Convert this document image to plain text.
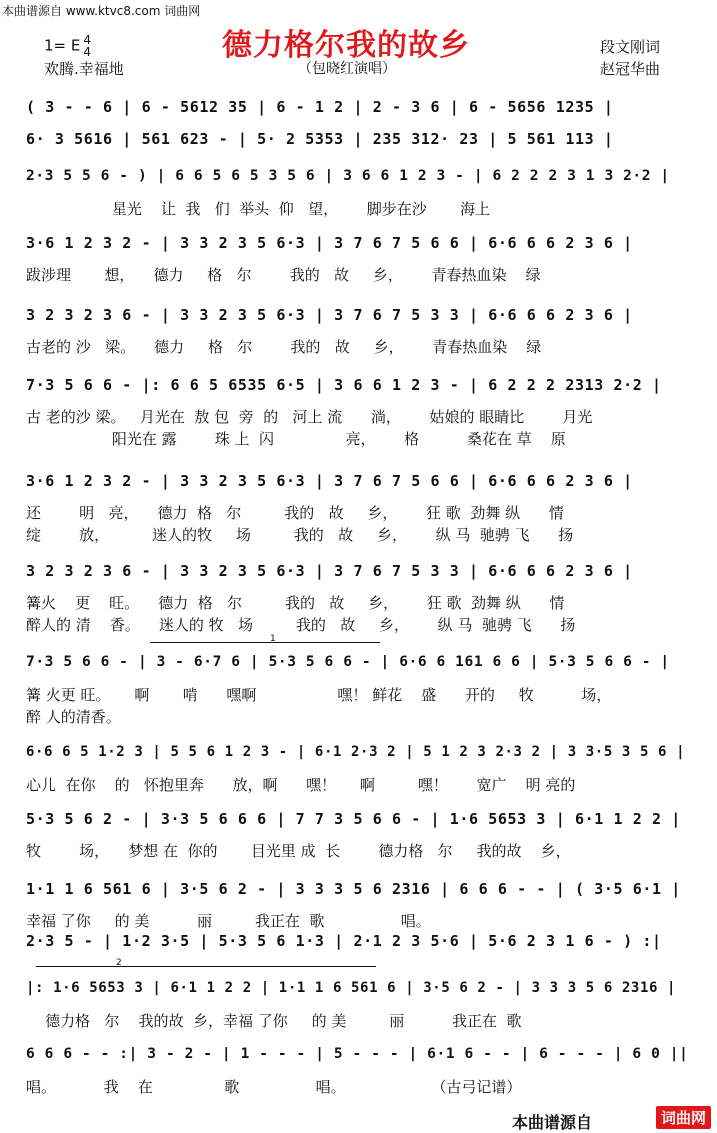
本曲谱源自 www.ktvc8.com 词曲网
德力格尔我的故乡
1= E 4
4
欢腾.幸福地	（包晓红演唱）
段文刚词
赵冠华曲
( 3 - - 6 | 6 - 5612 35 | 6 - 1 2 | 2 - 3 6 | 6 - 5656 1235 |
6· 3 5616 | 561 623 - | 5· 2 5353 | 235 312· 23 | 5 561 113 |
2·3 5 5 6 - ) | 6 6 5 6 5 3 5 6 | 3 6 6 1 2 3 - | 6 2 2 2 3 1 3 2·2 |
星光    让  我   们  举头  仰   望，      脚步在沙       海上
3·6 1 2 3 2 - | 3 3 2 3 5 6·3 | 3 7 6 7 5 6 6 | 6·6 6 6 2 3 6 |
跋涉理       想，    德力     格   尔        我的   故     乡，      青春热血染    绿
3 2 3 2 3 6 - | 3 3 2 3 5 6·3 | 3 7 6 7 5 3 3 | 6·6 6 6 2 3 6 |
古老的 沙   梁。    德力     格   尔        我的   故     乡，      青春热血染    绿
7·3 5 6 6 - |: 6 6 5 6535 6·5 | 3 6 6 1 2 3 - | 6 2 2 2 2313 2·2 |
古 老的沙 梁。   月光在  敖 包  旁  的   河上 流      淌，      姑娘的 眼睛比        月光
阳光在 露        珠 上  闪               亮，      格          桑花在 草    原
3·6 1 2 3 2 - | 3 3 2 3 5 6·3 | 3 7 6 7 5 6 6 | 6·6 6 6 2 3 6 |
还        明   亮，    德力  格   尔         我的   故     乡，      狂 歌  劲舞 纵      情
绽        放，         迷人的牧     场         我的   故     乡，      纵 马  驰骋 飞      扬
3 2 3 2 3 6 - | 3 3 2 3 5 6·3 | 3 7 6 7 5 3 3 | 6·6 6 6 2 3 6 |
篝火    更    旺。    德力  格   尔         我的   故     乡，      狂 歌  劲舞 纵      情
醉人的 清    香。    迷人的 牧   场         我的   故     乡，      纵 马  驰骋 飞      扬
7·3 5 6 6 - | 3 - 6·7 6 | 5·3 5 6 6 - | 6·6 6 161 6 6 | 5·3 5 6 6 - |
篝 火更 旺。     啊       啃      嘿啊                 嘿！ 鲜花    盛      开的     牧          场，
醉 人的清香。
6·6 6 5 1·2 3 | 5 5 6 1 2 3 - | 6·1 2·3 2 | 5 1 2 3 2·3 2 | 3 3·5 3 5 6 |
心儿  在你    的   怀抱里奔      放，啊      嘿！     啊         嘿！      宽广    明 亮的
5·3 5 6 2 - | 3·3 5 6 6 6 | 7 7 3 5 6 6 - | 1·6 5653 3 | 6·1 1 2 2 |
牧        场，    梦想 在  你的       目光里 成  长        德力格   尔     我的故    乡，
1·1 1 6 561 6 | 3·5 6 2 - | 3 3 3 5 6 2316 | 6 6 6 - - | ( 3·5 6·1 |
幸福 了你     的 美          丽         我正在  歌                唱。
2·3 5 - | 1·2 3·5 | 5·3 5 6 1·3 | 2·1 2 3 5·6 | 5·6 2 3 1 6 - ) :|
|: 1·6 5653 3 | 6·1 1 2 2 | 1·1 1 6 561 6 | 3·5 6 2 - | 3 3 3 5 6 2316 |
德力格   尔    我的故  乡，幸福 了你     的 美         丽          我正在  歌
6 6 6 - - :| 3 - 2 - | 1 - - - | 5 - - - | 6·1 6 - - | 6 - - - | 6 0 ||
唱。          我    在               歌                唱。                  （古弓记谱）
1
2
本曲谱源自	词曲网
